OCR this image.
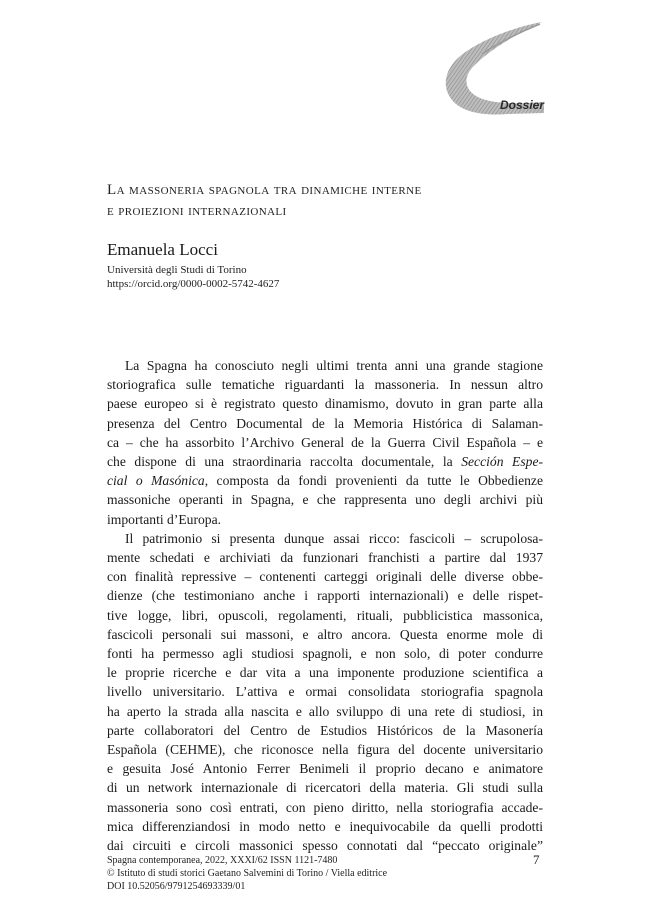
Dossier
La massoneria spagnola tra dinamiche interne
e proiezioni internazionali
Emanuela Locci
Università degli Studi di Torino
https://orcid.org/0000-0002-5742-4627
La Spagna ha conosciuto negli ultimi trenta anni una grande stagione
storiografica sulle tematiche riguardanti la massoneria. In nessun altro
paese europeo si è registrato questo dinamismo, dovuto in gran parte alla
presenza del Centro Documental de la Memoria Histórica di Salaman-
ca – che ha assorbito l’Archivo General de la Guerra Civil Española – e
che dispone di una straordinaria raccolta documentale, la Sección Espe-
cial o Masónica, composta da fondi provenienti da tutte le Obbedienze
massoniche operanti in Spagna, e che rappresenta uno degli archivi più
importanti d’Europa.
Il patrimonio si presenta dunque assai ricco: fascicoli – scrupolosa-
mente schedati e archiviati da funzionari franchisti a partire dal 1937
con finalità repressive – contenenti carteggi originali delle diverse obbe-
dienze (che testimoniano anche i rapporti internazionali) e delle rispet-
tive logge, libri, opuscoli, regolamenti, rituali, pubblicistica massonica,
fascicoli personali sui massoni, e altro ancora. Questa enorme mole di
fonti ha permesso agli studiosi spagnoli, e non solo, di poter condurre
le proprie ricerche e dar vita a una imponente produzione scientifica a
livello universitario. L’attiva e ormai consolidata storiografia spagnola
ha aperto la strada alla nascita e allo sviluppo di una rete di studiosi, in
parte collaboratori del Centro de Estudios Históricos de la Masonería
Española (CEHME), che riconosce nella figura del docente universitario
e gesuita José Antonio Ferrer Benimeli il proprio decano e animatore
di un network internazionale di ricercatori della materia. Gli studi sulla
massoneria sono così entrati, con pieno diritto, nella storiografia accade-
mica differenziandosi in modo netto e inequivocabile da quelli prodotti
dai circuiti e circoli massonici spesso connotati dal “peccato originale”
Spagna contemporanea, 2022, XXXI/62 ISSN 1121-7480
© Istituto di studi storici Gaetano Salvemini di Torino / Viella editrice
DOI 10.52056/9791254693339/01
7
